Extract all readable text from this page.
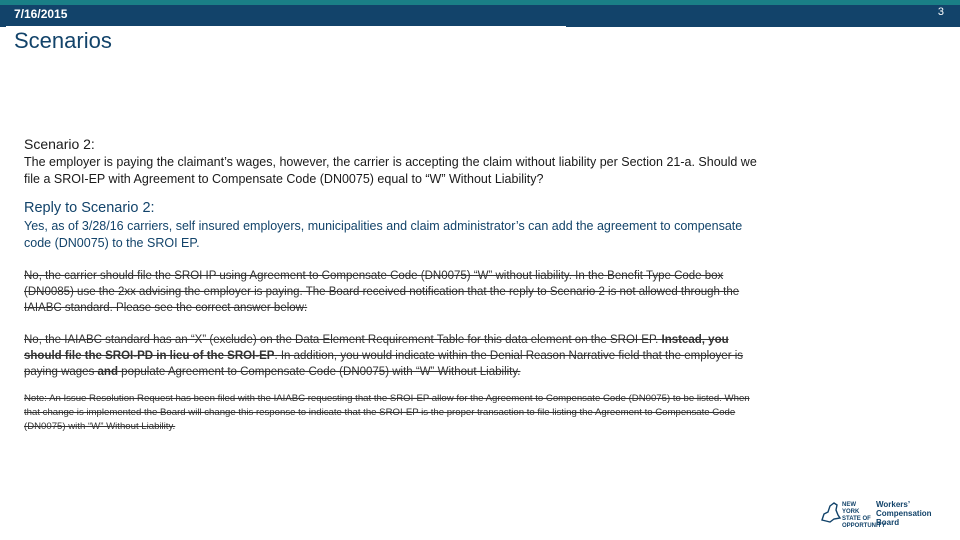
7/16/2015	3
Scenarios

Scenario 2:

The employer is paying the claimant’s wages, however, the carrier is accepting the claim without liability per Section 21-a. Should we file a SROI-EP with Agreement to Compensate Code (DN0075) equal to “W” Without Liability?

Reply to Scenario 2:

Yes, as of 3/28/16 carriers, self insured employers, municipalities and claim administrator’s can add the agreement to compensate code (DN0075) to the SROI EP.

No, the carrier should file the SROI IP using Agreement to Compensate Code (DN0075) “W” without liability. In the Benefit Type Code box (DN0085) use the 2xx advising the employer is paying. The Board received notification that the reply to Scenario 2 is not allowed through the IAIABC standard. Please see the correct answer below:

No, the IAIABC standard has an “X” (exclude) on the Data Element Requirement Table for this data element on the SROI EP. Instead, you should file the SROI-PD in lieu of the SROI-EP. In addition, you would indicate within the Denial Reason Narrative field that the employer is paying wages and populate Agreement to Compensate Code (DN0075) with “W” Without Liability.

Note: An Issue Resolution Request has been filed with the IAIABC requesting that the SROI-EP allow for the Agreement to Compensate Code (DN0075) to be listed. When that change is implemented the Board will change this response to indicate that the SROI-EP is the proper transaction to file listing the Agreement to Compensate Code (DN0075) with “W” Without Liability.

NEW YORK STATE OF OPPORTUNITY
Workers’ Compensation Board
